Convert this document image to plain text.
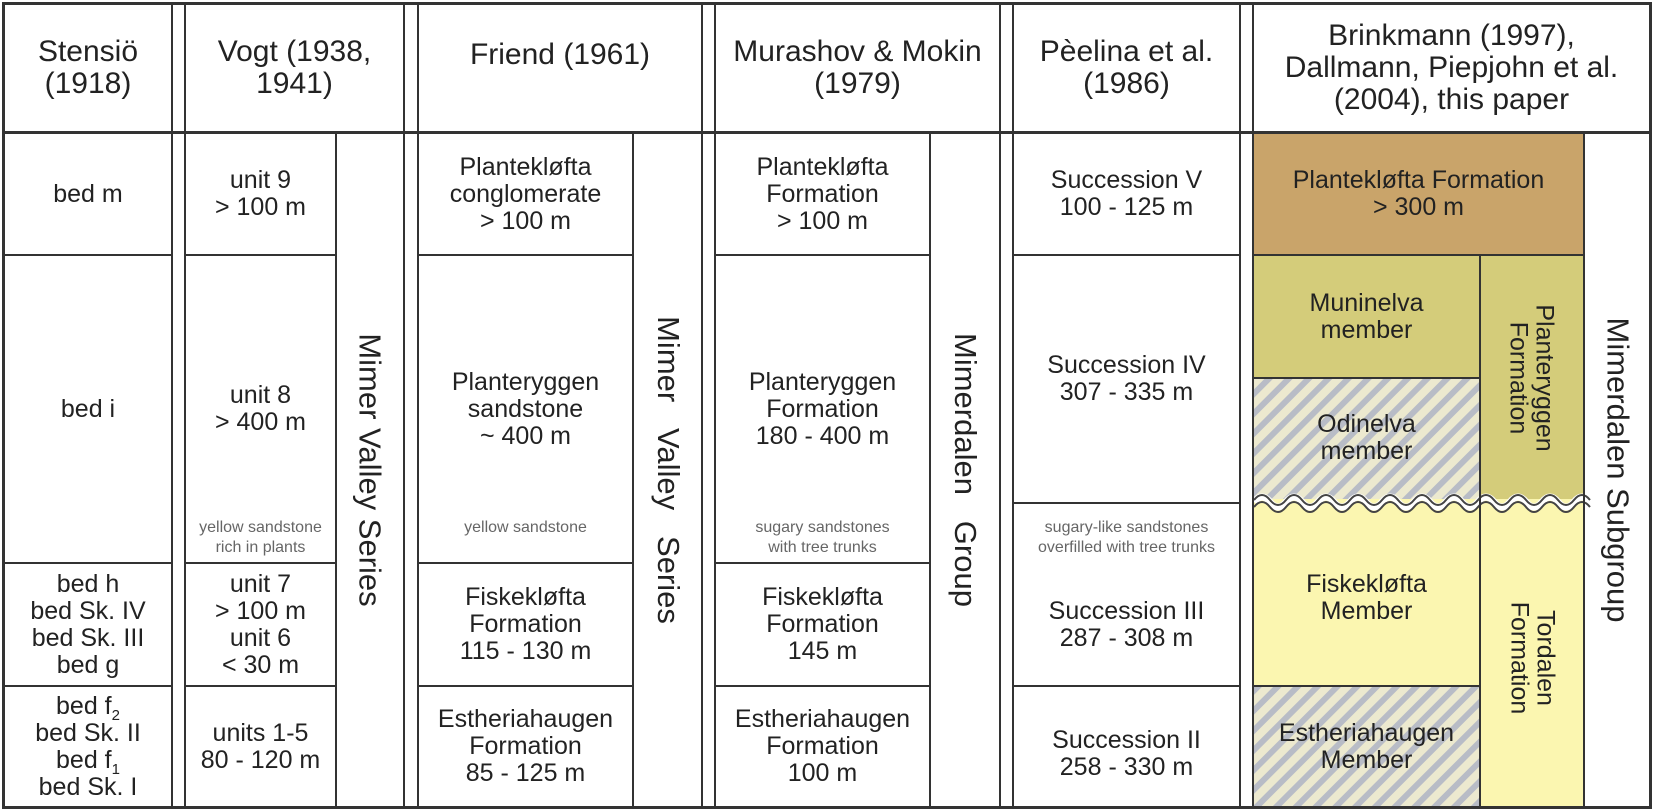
Stensiö
(1918)
Vogt (1938,
1941)
Friend (1961)	Murashov & Mokin
(1979)
Pèelina et al.
(1986)
Brinkmann (1997),
Dallmann, Piepjohn et al.
(2004), this paper
bed m
bed i
bed h
bed Sk. IV
bed Sk. III
bed g
bed $f_2$
bed Sk. II
bed $f_1$
bed Sk. I
unit 9
> 100 m
unit 8
> 400 m
yellow sandstone
rich in plants
unit 7
> 100 m
unit 6
< 30 m
units 1-5
80 - 120 m
Mimer Valley Series
Plantekløfta
conglomerate
> 100 m
Planteryggen
sandstone
~ 400 m
yellow sandstone
Fiskekløfta
Formation
115 - 130 m
Estheriahaugen
Formation
85 - 125 m
Mimer   Valley   Series
Plantekløfta
Formation
> 100 m
Planteryggen
Formation
180 - 400 m
sugary sandstones
with tree trunks
Fiskekløfta
Formation
145 m
Estheriahaugen
Formation
100 m
Mimerdalen   Group
Succession V
100 - 125 m
Succession IV
307 - 335 m
sugary-like sandstones
overfilled with tree trunks
Succession III
287 - 308 m
Succession II
258 - 330 m
Plantekløfta Formation
> 300 m
Muninelva
member
Odinelva
member	Planteryggen
Formation
Fiskekløfta
Member
Estheriahaugen
Member
Tordalen Formation
Mimerdalen Subgroup
